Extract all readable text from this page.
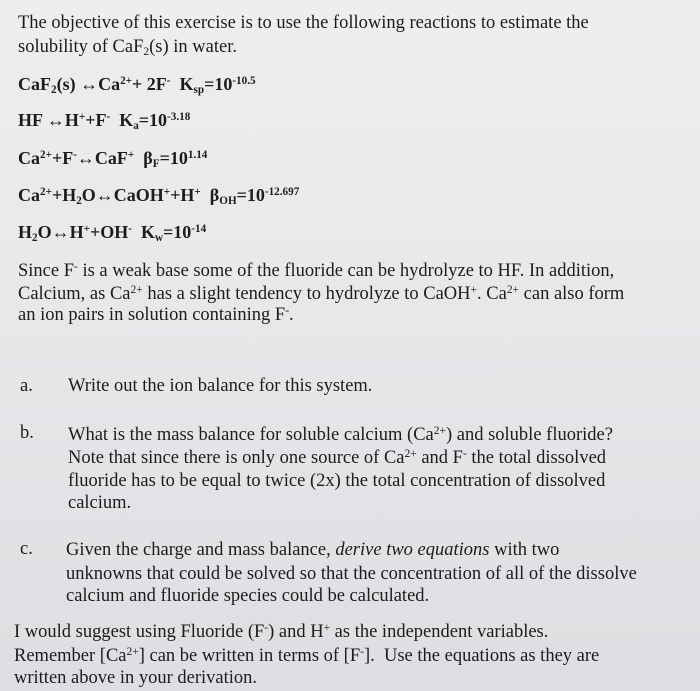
The objective of this exercise is to use the following reactions to estimate the
solubility of CaF$_2$(s) in water.
CaF$_2$(s) $\leftrightarrow Ca^{2+}+ 2F^-$  $K_{sp}=10^{-10.5}$
HF ↔H++F-  $K_a=10^{-3.18}$
$Ca^{2+}+F^-\leftrightarrow CaF^+$  $\beta_F=10^{1.14}$
$Ca^{2+}+H_2O\leftrightarrow CaOH^++H^+$  $\beta_{OH}=10^{-12.697}$
$H_2O\leftrightarrow H^++OH^-$  $K_w=10^{-14}$
Since F- is a weak base some of the fluoride can be hydrolyze to HF. In addition,
Calcium, as $Ca^{2+}$ has a slight tendency to hydrolyze to CaOH+. $Ca^{2+}$ can also form
an ion pairs in solution containing F-.
a. Write out the ion balance for this system.
b. What is the mass balance for soluble calcium $(Ca^{2+})$ and soluble fluoride?
Note that since there is only one source of $Ca^{2+}$ and F- the total dissolved
fluoride has to be equal to twice (2x) the total concentration of dissolved
calcium.
c. Given the charge and mass balance, derive two equations with two
unknowns that could be solved so that the concentration of all of the dissolve
calcium and fluoride species could be calculated.
I would suggest using Fluoride (F-) and H+ as the independent variables.
Remember $[Ca^{2+}]$ can be written in terms of [F-].  Use the equations as they are
written above in your derivation.
